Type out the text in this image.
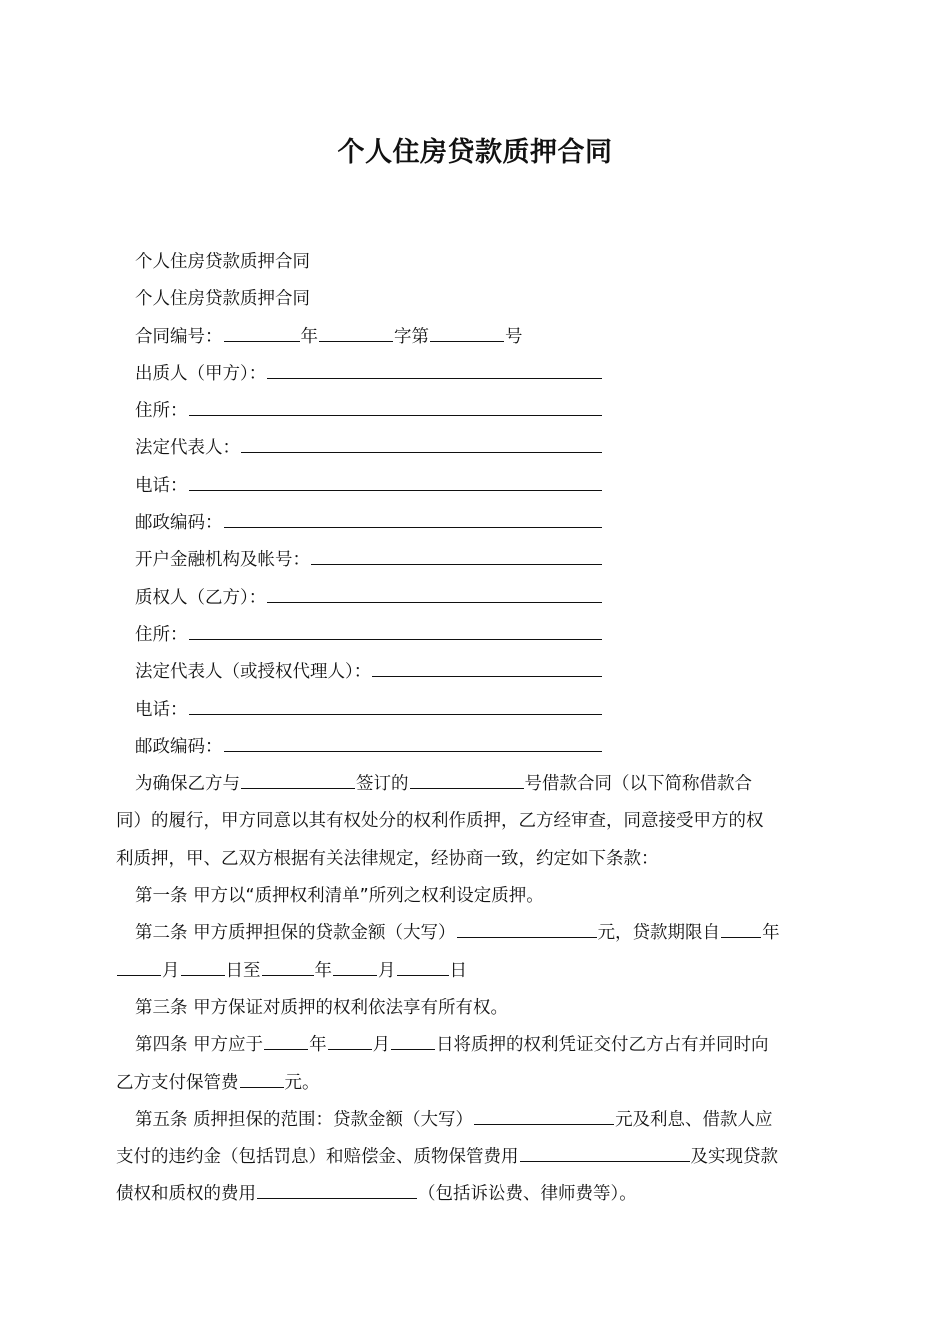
个人住房贷款质押合同
个人住房贷款质押合同
个人住房贷款质押合同
合同编号：	年	字第	号
出质人（甲方）：
住所：
法定代表人：
电话：
邮政编码：
开户金融机构及帐号：
质权人（乙方）：
住所：
法定代表人（或授权代理人）：
电话：
邮政编码：
为确保乙方与	签订的	号借款合同（以下简称借款合
同）的履行，甲方同意以其有权处分的权利作质押，乙方经审查，同意接受甲方的权
利质押，甲、乙双方根据有关法律规定，经协商一致，约定如下条款：
第一条 甲方以“质押权利清单”所列之权利设定质押。
第二条 甲方质押担保的贷款金额（大写）	元，贷款期限自 年
月	日至	年	月	日
第三条 甲方保证对质押的权利依法享有所有权。
第四条 甲方应于	年	月	日将质押的权利凭证交付乙方占有并同时向
乙方支付保管费	元。
第五条 质押担保的范围：贷款金额（大写）	元及利息、借款人应
支付的违约金（包括罚息）和赔偿金、质物保管费用	及实现贷款
债权和质权的费用	（包括诉讼费、律师费等）。
